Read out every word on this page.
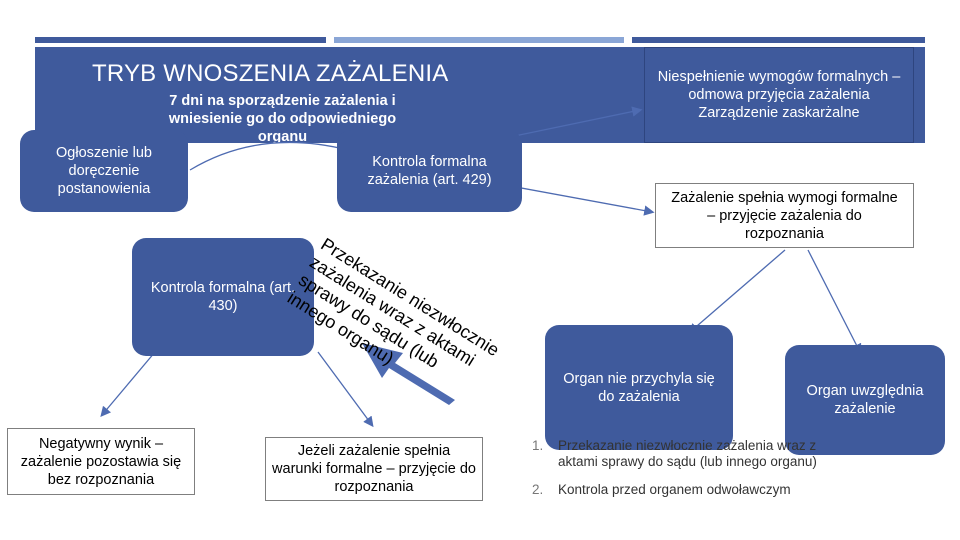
TRYB WNOSZENIA ZAŻALENIA
7 dni na sporządzenie zażalenia i wniesienie go do odpowiedniego organu
Ogłoszenie lub doręczenie postanowienia
Kontrola formalna zażalenia (art. 429)
Niespełnienie wymogów formalnych – odmowa przyjęcia zażalenia Zarządzenie zaskarżalne
Zażalenie spełnia wymogi formalne – przyjęcie zażalenia do rozpoznania
Kontrola formalna (art. 430)
Negatywny wynik – zażalenie pozostawia się bez rozpoznania
Jeżeli zażalenie spełnia warunki formalne – przyjęcie do rozpoznania
Organ nie przychyla się do zażalenia	Organ uwzględnia zażalenie
Przekazanie niezwłocznie zażalenia wraz z aktami sprawy do sądu (lub innego organu)
1.	Przekazanie niezwłocznie zażalenia wraz z aktami sprawy do sądu (lub innego organu)
2.	Kontrola przed organem odwoławczym
